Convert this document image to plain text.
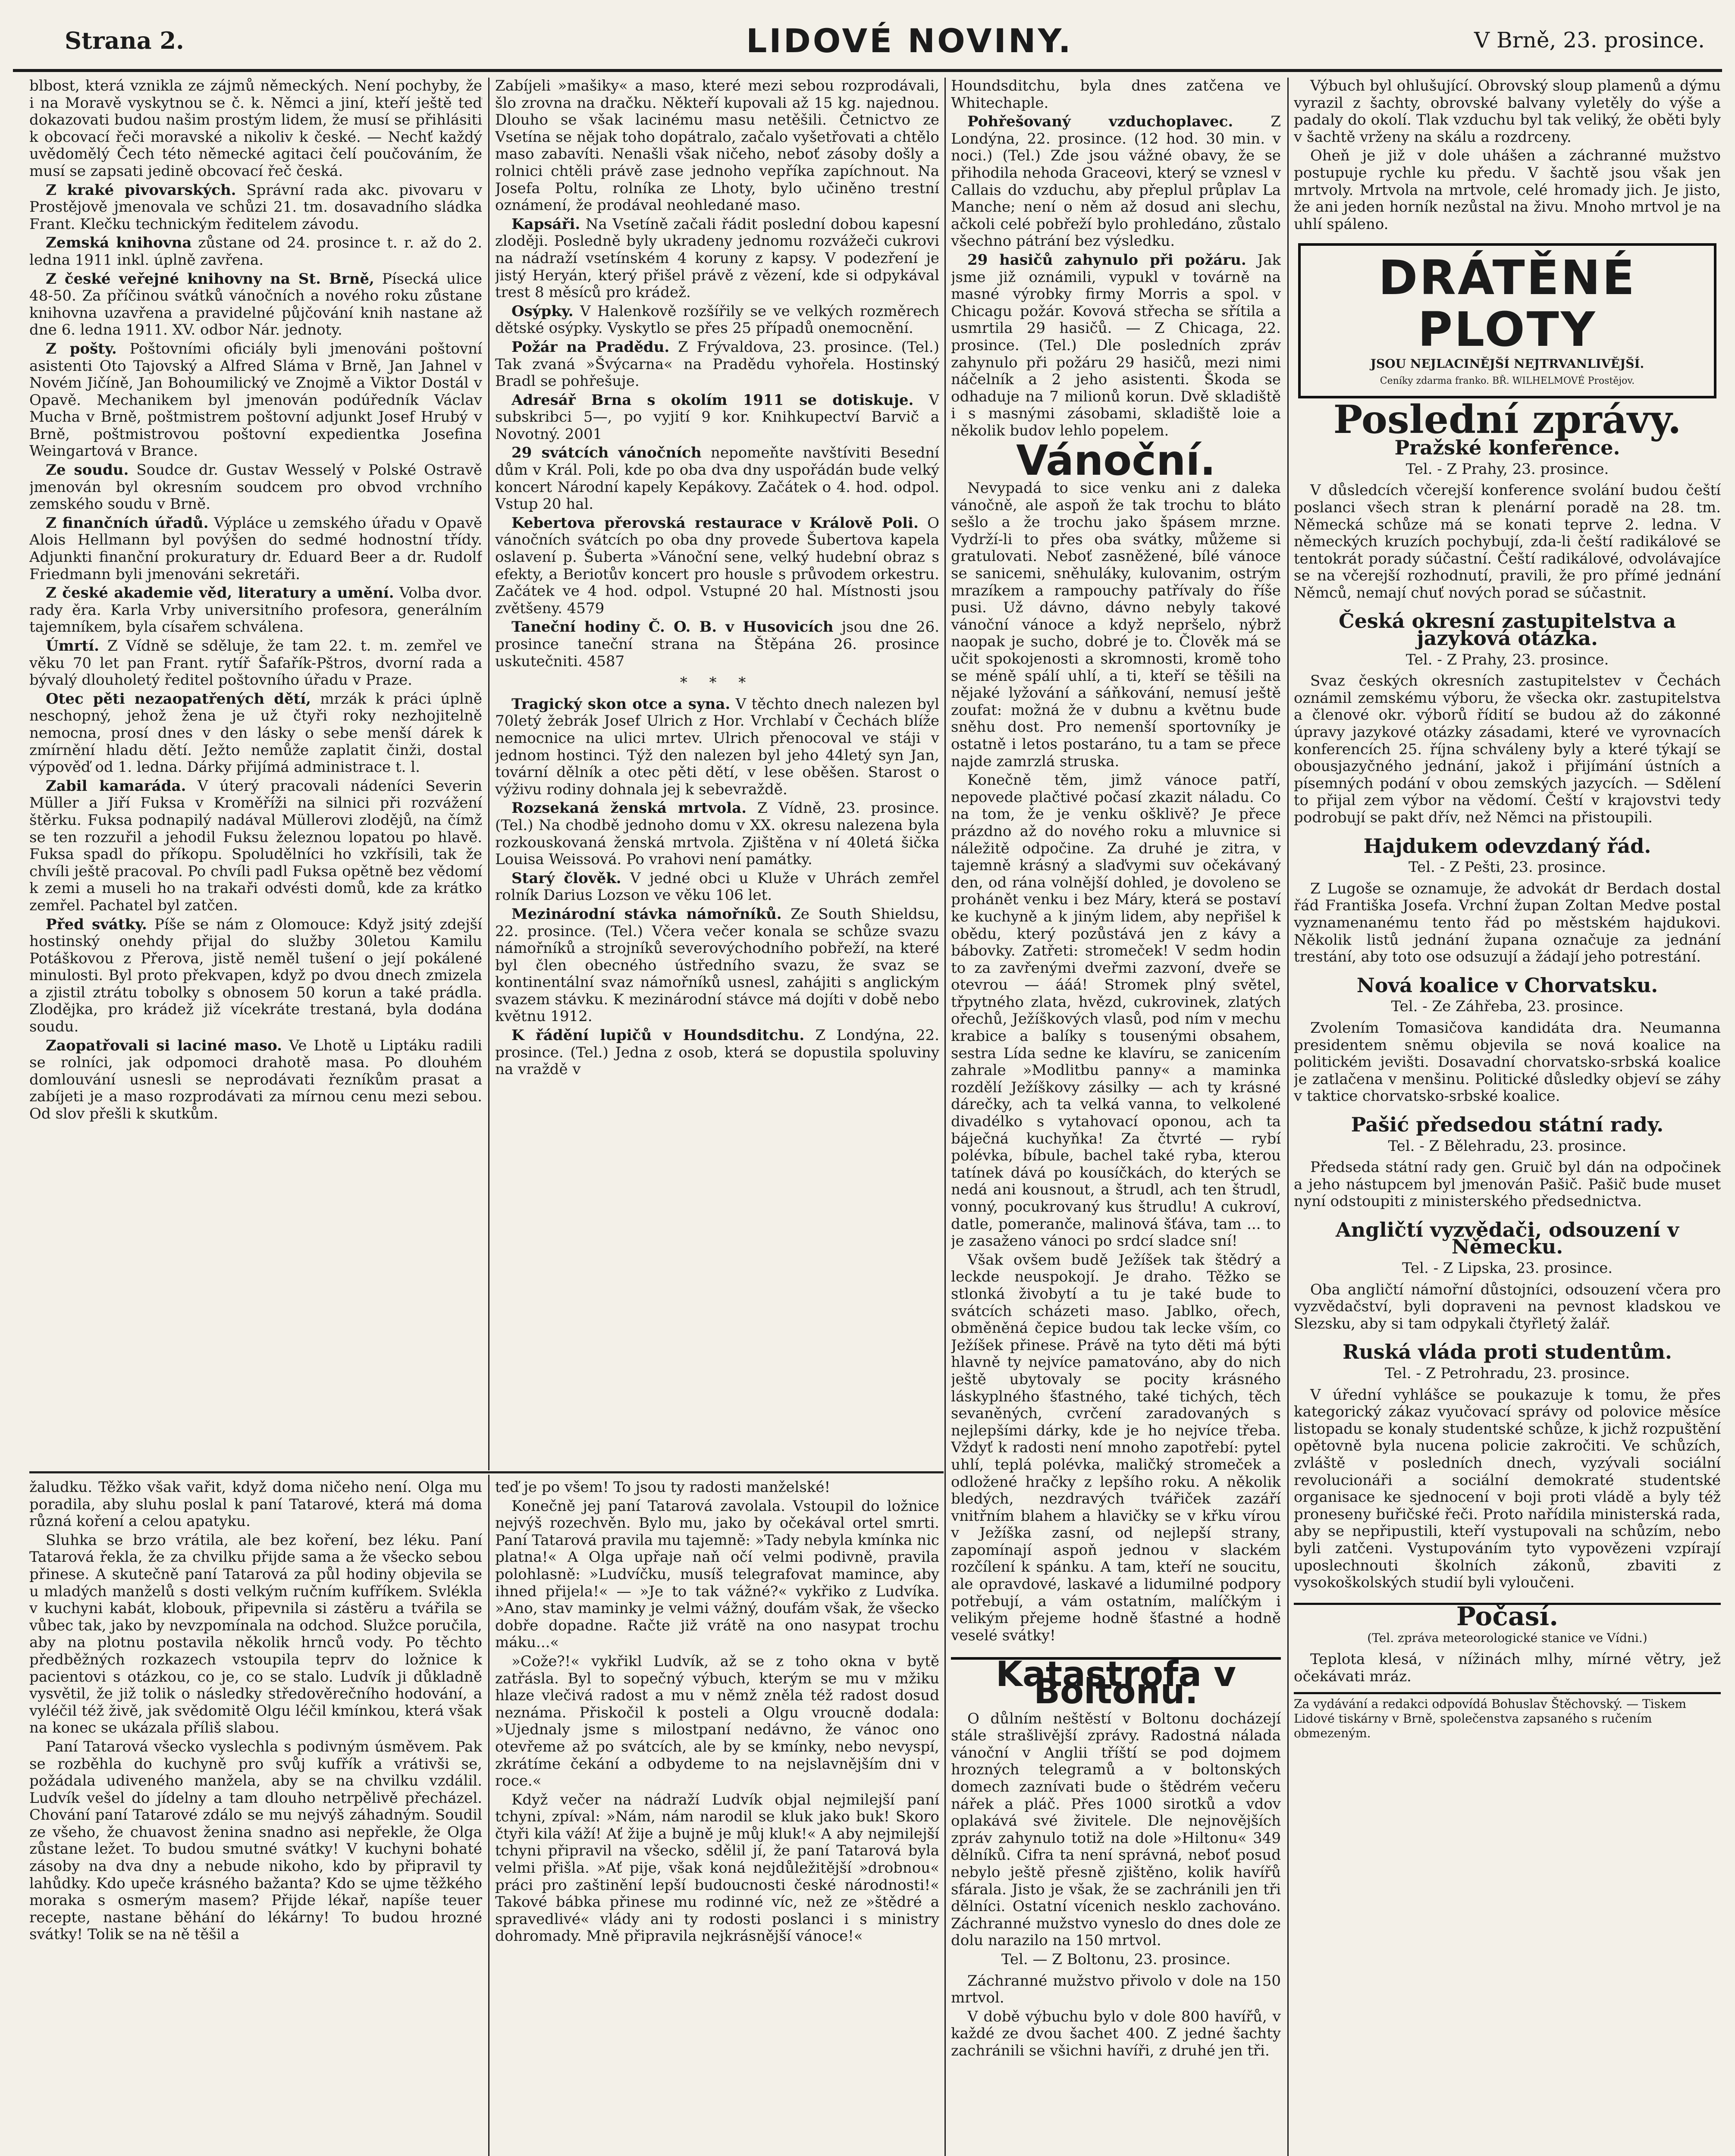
Strana 2.	LIDOVÉ NOVINY.	V Brně, 23. prosince.

blbost, která vznikla ze zájmů německých. Není pochyby, že i na Moravě vyskytnou se č. k. Němci a jiní, kteří ještě teď dokazovati budou našim prostým lidem, že musí se přihlásiti k obcovací řeči moravské a nikoliv k české. — Nechť každý uvědomělý Čech této německé agitaci čelí poučováním, že musí se zapsati jedině obcovací řeč česká.

Z kraké pivovarských. Správní rada akc. pivovaru v Prostějově jmenovala ve schůzi 21. tm. dosavadního sládka Frant. Klečku technickým ředitelem závodu.

Zemská knihovna zůstane od 24. prosince t. r. až do 2. ledna 1911 inkl. úplně zavřena.

Z české veřejné knihovny na St. Brně, Písecká ulice 48-50. Za příčinou svátků vánočních a nového roku zůstane knihovna uzavřena a pravidelné půjčování knih nastane až dne 6. ledna 1911. XV. odbor Nár. jednoty.

Z pošty. Poštovními oficiály byli jmenováni poštovní asistenti Oto Tajovský a Alfred Sláma v Brně, Jan Jahnel v Novém Jičíně, Jan Bohoumilický ve Znojmě a Viktor Dostál v Opavě. Mechanikem byl jmenován podúředník Václav Mucha v Brně, poštmistrem poštovní adjunkt Josef Hrubý v Brně, poštmistrovou poštovní expedientka Josefina Weingartová v Brance.

Ze soudu. Soudce dr. Gustav Wesselý v Polské Ostravě jmenován byl okresním soudcem pro obvod vrchního zemského soudu v Brně.

Z finančních úřadů. Výpláce u zemského úřadu v Opavě Alois Hellmann byl povýšen do sedmé hodnostní třídy. Adjunkti finanční prokuratury dr. Eduard Beer a dr. Rudolf Friedmann byli jmenováni sekretáři.

Z české akademie věd, literatury a umění. Volba dvor. rady ěra. Karla Vrby universitního profesora, generálním tajemníkem, byla císařem schválena.

Úmrtí. Z Vídně se sděluje, že tam 22. t. m. zemřel ve věku 70 let pan Frant. rytíř Šafařík-Pštros, dvorní rada a bývalý dlouholetý ředitel poštovního úřadu v Praze.

Otec pěti nezaopatřených dětí, mrzák k práci úplně neschopný, jehož žena je už čtyři roky nezhojitelně nemocna, prosí dnes v den lásky o sebe menší dárek k zmírnění hladu dětí. Ježto nemůže zaplatit činži, dostal výpověď od 1. ledna. Dárky přijímá administrace t. l.

Zabil kamaráda. V úterý pracovali nádeníci Severin Müller a Jiří Fuksa v Kroměříži na silnici při rozvážení štěrku. Fuksa podnapilý nadával Müllerovi zlodějů, na čímž se ten rozzuřil a jehodil Fuksu železnou lopatou po hlavě. Fuksa spadl do příkopu. Spoludělníci ho vzkřísili, tak že chvíli ještě pracoval. Po chvíli padl Fuksa opětně bez vědomí k zemi a museli ho na trakaři odvésti domů, kde za krátko zemřel. Pachatel byl zatčen.

Před svátky. Píše se nám z Olomouce: Když jsitý zdejší hostinský onehdy přijal do služby 30letou Kamilu Potáškovou z Přerova, jistě neměl tušení o její pokálené minulosti. Byl proto překvapen, když po dvou dnech zmizela a zjistil ztrátu tobolky s obnosem 50 korun a také prádla. Zlodějka, pro krádež již vícekráte trestaná, byla dodána soudu.

Zaopatřovali si laciné maso. Ve Lhotě u Liptáku radili se rolníci, jak odpomoci drahotě masa. Po dlouhém domlouvání usnesli se neprodávati řezníkům prasat a zabíjeti je a maso rozprodávati za mírnou cenu mezi sebou. Od slov přešli k skutkům.

Zabíjeli »mašiky« a maso, které mezi sebou rozprodávali, šlo zrovna na dračku. Někteří kupovali až 15 kg. najednou. Dlouho se však lacinému masu netěšili. Četnictvo ze Vsetína se nějak toho dopátralo, začalo vyšetřovati a chtělo maso zabavíti. Nenašli však ničeho, neboť zásoby došly a rolnici chtěli právě zase jednoho vepříka zapíchnout. Na Josefa Poltu, rolníka ze Lhoty, bylo učiněno trestní oznámení, že prodával neohledané maso.

Kapsáři. Na Vsetíně začali řádit poslední dobou kapesní zloději. Posledně byly ukradeny jednomu rozvážeči cukrovi na nádraží vsetínském 4 koruny z kapsy. V podezření je jistý Heryán, který přišel právě z vězení, kde si odpykával trest 8 měsíců pro krádež.

Osýpky. V Halenkově rozšířily se ve velkých rozměrech dětské osýpky. Vyskytlo se přes 25 případů onemocnění.

Požár na Pradědu. Z Frývaldova, 23. prosince. (Tel.) Tak zvaná »Švýcarna« na Pradědu vyhořela. Hostinský Bradl se pohřešuje.

Adresář Brna s okolím 1911 se dotiskuje. V subskribci 5—, po vyjití 9 kor. Knihkupectví Barvič a Novotný. 2001

29 svátcích vánočních nepomeňte navštíviti Besední dům v Král. Poli, kde po oba dva dny uspořádán bude velký koncert Národní kapely Kepákovy. Začátek o 4. hod. odpol. Vstup 20 hal.

Kebertova přerovská restaurace v Králově Poli. O vánočních svátcích po oba dny provede Šubertova kapela oslavení p. Šuberta »Vánoční sene, velký hudební obraz s efekty, a Beriotův koncert pro housle s průvodem orkestru. Začátek ve 4 hod. odpol. Vstupné 20 hal. Místnosti jsou zvětšeny. 4579

Taneční hodiny Č. O. B. v Husovicích jsou dne 26. prosince taneční strana na Štěpána 26. prosince uskutečniti. 4587

* * *

Tragický skon otce a syna. V těchto dnech nalezen byl 70letý žebrák Josef Ulrich z Hor. Vrchlabí v Čechách blíže nemocnice na ulici mrtev. Ulrich přenocoval ve stáji v jednom hostinci. Týž den nalezen byl jeho 44letý syn Jan, tovární dělník a otec pěti dětí, v lese oběšen. Starost o výživu rodiny dohnala jej k sebevraždě.

Rozsekaná ženská mrtvola. Z Vídně, 23. prosince. (Tel.) Na chodbě jednoho domu v XX. okresu nalezena byla rozkouskovaná ženská mrtvola. Zjištěna v ní 40letá šička Louisa Weissová. Po vrahovi není památky.

Starý člověk. V jedné obci u Kluže v Uhrách zemřel rolník Darius Lozson ve věku 106 let.

Mezinárodní stávka námořníků. Ze South Shieldsu, 22. prosince. (Tel.) Včera večer konala se schůze svazu námořníků a strojníků severovýchodního pobřeží, na které byl člen obecného ústředního svazu, že svaz se kontinentální svaz námořníků usnesl, zahájiti s anglickým svazem stávku. K mezinárodní stávce má dojíti v době nebo květnu 1912.

K řádění lupičů v Houndsditchu. Z Londýna, 22. prosince. (Tel.) Jedna z osob, která se dopustila spoluviny na vraždě v

žaludku. Těžko však vařit, když doma ničeho není. Olga mu poradila, aby sluhu poslal k paní Tatarové, která má doma různá koření a celou apatyku.

Sluhka se brzo vrátila, ale bez koření, bez léku. Paní Tatarová řekla, že za chvilku přijde sama a že všecko sebou přinese. A skutečně paní Tatarová za půl hodiny objevila se u mladých manželů s dosti velkým ručním kufříkem. Svlékla v kuchyni kabát, klobouk, připevnila si zástěru a tvářila se vůbec tak, jako by nevzpomínala na odchod. Služce poručila, aby na plotnu postavila několik hrnců vody. Po těchto předběžných rozkazech vstoupila teprv do ložnice k pacientovi s otázkou, co je, co se stalo. Ludvík ji důkladně vysvětil, že již tolik o následky středověrečního hodování, a vyléčil též živě, jak svědomitě Olgu léčil kmínkou, která však na konec se ukázala příliš slabou.

Paní Tatarová všecko vyslechla s podivným úsměvem. Pak se rozběhla do kuchyně pro svůj kufřík a vrátivši se, požádala udiveného manžela, aby se na chvilku vzdálil. Ludvík vešel do jídelny a tam dlouho netrpělivě přecházel. Chování paní Tatarové zdálo se mu nejvýš záhadným. Soudil ze všeho, že chuavost ženina snadno asi nepřekle, že Olga zůstane ležet. To budou smutné svátky! V kuchyni bohaté zásoby na dva dny a nebude nikoho, kdo by připravil ty lahůdky. Kdo upeče krásného bažanta? Kdo se ujme těžkého moraka s osmerým masem? Přijde lékař, napíše teuer recepte, nastane běhání do lékárny! To budou hrozné svátky! Tolik se na ně těšil a

teď je po všem! To jsou ty radosti manželské!

Konečně jej paní Tatarová zavolala. Vstoupil do ložnice nejvýš rozechvěn. Bylo mu, jako by očekával ortel smrti. Paní Tatarová pravila mu tajemně: »Tady nebyla kmínka nic platna!« A Olga upřaje naň očí velmi podivně, pravila polohlasně: »Ludvíčku, musíš telegrafovat mamince, aby ihned přijela!« — »Je to tak vážné?« vykřiko z Ludvíka. »Ano, stav maminky je velmi vážný, doufám však, že všecko dobře dopadne. Račte již vrátě na ono nasypat trochu máku...«

»Cože?!« vykřikl Ludvík, až se z toho okna v bytě zatřásla. Byl to sopečný výbuch, kterým se mu v mžiku hlaze vlečivá radost a mu v němž zněla též radost dosud neznáma. Přiskočil k posteli a Olgu vroucně dodala: »Ujednaly jsme s milostpaní nedávno, že vánoc ono otevřeme až po svátcích, ale by se kmínky, nebo nevyspí, zkrátíme čekání a odbydeme to na nejslavnějším dni v roce.«

Když večer na nádraží Ludvík objal nejmilejší paní tchyni, zpíval: »Nám, nám narodil se kluk jako buk! Skoro čtyři kila váží! Ať žije a bujně je můj kluk!« A aby nejmilejší tchyni připravil na všecko, sdělil jí, že paní Tatarová byla velmi přišla. »Ať pije, však koná nejdůležitější »drobnou« práci pro zaštinění lepší budoucnosti české národnosti!« Takové bábka přinese mu rodinné víc, než ze »štědré a spravedlivé« vlády ani ty rodosti poslanci i s ministry dohromady. Mně připravila nejkrásnější vánoce!«

Houndsditchu, byla dnes zatčena ve Whitechaple.

Pohřešovaný vzduchoplavec.	Z Londýna, 22. prosince. (12 hod. 30 min. v noci.) (Tel.) Zde jsou vážné obavy, že se přihodila nehoda Graceovi, který se vznesl v Callais do vzduchu, aby přeplul průplav La Manche; není o něm až dosud ani slechu, ačkoli celé pobřeží bylo prohledáno, zůstalo všechno pátrání bez výsledku.

29 hasičů zahynulo při požáru. Jak jsme již oznámili, vypukl v továrně na masné výrobky firmy Morris a spol. v Chicagu požár. Kovová střecha se sřítila a usmrtila 29 hasičů. — Z Chicaga, 22. prosince. (Tel.) Dle posledních zpráv zahynulo při požáru 29 hasičů, mezi nimi náčelník a 2 jeho asistenti. Škoda se odhaduje na 7 milionů korun. Dvě skladiště i s masnými zásobami, skladiště loie a několik budov lehlo popelem.

Vánoční.

Nevypadá to sice venku ani z daleka vánočně, ale aspoň že tak trochu to bláto sešlo a že trochu jako špásem mrzne. Vydrží-li to přes oba svátky, můžeme si gratulovati. Neboť zasněžené, bílé vánoce se sanicemi, sněhuláky, kulovanim, ostrým mrazíkem a rampouchy patřívaly do říše pusi. Už dávno, dávno nebyly takové vánoční vánoce a když nepršelo, nýbrž naopak je sucho, dobré je to. Člověk má se učit spokojenosti a skromnosti, kromě toho se méně spálí uhlí, a ti, kteří se těšili na nějaké lyžování a sáňkování, nemusí ještě zoufat: možná že v dubnu a květnu bude sněhu dost. Pro nemenší sportovníky je ostatně i letos postaráno, tu a tam se přece najde zamrzlá struska.

Konečně těm, jimž vánoce patří, nepovede plačtivé počasí zkazit náladu. Co na tom, že je venku ošklivě? Je přece prázdno až do nového roku a mluvnice si náležitě odpočine. Za druhé je zitra, v tajemně krásný a slaďvymi suv očekávaný den, od rána volnější dohled, je dovoleno se prohánět venku i bez Máry, která se postaví ke kuchyně a k jiným lidem, aby nepřišel k obědu, který pozůstává jen z kávy a bábovky. Zatřeti: stromeček! V sedm hodin to za zavřenými dveřmi zazvoní, dveře se otevrou — ááá! Stromek plný světel, třpytného zlata, hvězd, cukrovinek, zlatých ořechů, Ježíškových vlasů, pod ním v mechu krabice a balíky s tousenými obsahem, sestra Lída sedne ke klavíru, se zanicením zahrale »Modlitbu panny« a maminka rozdělí Ježíškovy zásilky — ach ty krásné dárečky, ach ta velká vanna, to velkolené divadélko s vytahovací oponou, ach ta báječná kuchyňka! Za čtvrté — rybí polévka, bíbule, bachel také ryba, kterou tatínek dává po kousíčkách, do kterých se nedá ani kousnout, a štrudl, ach ten štrudl, vonný, pocukrovaný kus štrudlu! A cukroví, datle, pomeranče, malinová šťáva, tam ... to je zasaženo vánoci po srdcí sladce sní!

Však ovšem budě Ježíšek tak štědrý a leckde neuspokojí. Je draho. Těžko se stlonká živobytí a tu je také bude to svátcích scházeti maso. Jablko, ořech, obměněná čepice budou tak lecke vším, co Ježíšek přinese. Právě na tyto děti má býti hlavně ty nejvíce pamatováno, aby do nich ještě ubytovaly se pocity krásného láskyplného šťastného, také tichých, těch sevaněných, cvrčení zaradovaných s nejlepšími dárky, kde je ho nejvíce třeba. Vždyť k radosti není mnoho zapotřebí: pytel uhlí, teplá polévka, maličký stromeček a odložené hračky z lepšího roku. A několik bledých, nezdravých tvářiček zazáří vnitřním blahem a hlavičky se v křku vírou v Ježíška zasní, od nejlepší strany, zapomínají aspoň jednou v slackém rozčílení k spánku. A tam, kteří ne soucitu, ale opravdové, laskavé a lidumilné podpory potřebují, a vám ostatním, malíčkým i velikým přejeme hodně šťastné a hodně veselé svátky!

Katastrofa v Boltonu.

O důlním neštěstí v Boltonu docházejí stále strašlivější zprávy. Radostná nálada vánoční v Anglii tříští se pod dojmem hrozných telegramů a v boltonských domech zaznívati bude o štědrém večeru nářek a pláč. Přes 1000 sirotků a vdov oplakává své živitele. Dle nejnovějších zpráv zahynulo totiž na dole »Hiltonu« 349 dělníků. Cifra ta není správná, neboť posud nebylo ještě přesně zjištěno, kolik havířů sfárala. Jisto je však, že se zachránili jen tři dělníci. Ostatní vícenich nesklo zachováno. Záchranné mužstvo vyneslo do dnes dole ze dolu narazilo na 150 mrtvol.

Tel. — Z Boltonu, 23. prosince.

Záchranné mužstvo přivolo v dole na 150 mrtvol.

V době výbuchu bylo v dole 800 havířů, v každé ze dvou šachet 400. Z jedné šachty zachránili se všichni havíři, z druhé jen tři.

Výbuch byl ohlušující. Obrovský sloup plamenů a dýmu vyrazil z šachty, obrovské balvany vyletěly do výše a padaly do okolí. Tlak vzduchu byl tak veliký, že oběti byly v šachtě vrženy na skálu a rozdrceny.

Oheň je již v dole uhášen a záchranné mužstvo postupuje rychle ku předu. V šachtě jsou však jen mrtvoly. Mrtvola na mrtvole, celé hromady jich. Je jisto, že ani jeden horník nezůstal na živu. Mnoho mrtvol je na uhlí spáleno.

DRÁTĚNÉ PLOTY
JSOU NEJLACINĚJŠÍ NEJTRVANLIVĚJŠÍ.
Ceníky zdarma franko. BŘ. WILHELMOVÉ Prostějov.
Poslední zprávy.
Pražské konference.
Tel. - Z Prahy, 23. prosince.

V důsledcích včerejší konference svolání budou čeští poslanci všech stran k plenární poradě na 28. tm. Německá schůze má se konati teprve 2. ledna. V německých kruzích pochybují, zda-li čeští radikálové se tentokrát porady súčastní. Čeští radikálové, odvolávajíce se na včerejší rozhodnutí, pravili, že pro přímé jednání Němců, nemají chuť nových porad se súčastnit.

Česká okresní zastupitelstva a jazyková otázka.
Tel. - Z Prahy, 23. prosince.

Svaz českých okresních zastupitelstev v Čechách oznámil zemskému výboru, že všecka okr. zastupitelstva a členové okr. výborů řídití se budou až do zákonné úpravy jazykové otázky zásadami, které ve vyrovnacích konferencích 25. října schváleny byly a které týkají se obousjazyčného jednání, jakož i přijímání ústních a písemných podání v obou zemských jazycích. — Sdělení to přijal zem výbor na vědomí. Čeští v krajovstvi tedy podrobují se pakt dřív, než Němci na přistoupili.

Hajdukem odevzdaný řád.
Tel. - Z Pešti, 23. prosince.

Z Lugoše se oznamuje, že advokát dr Berdach dostal řád Františka Josefa. Vrchní župan Zoltan Medve postal vyznamenanému tento řád po městském hajdukovi. Několik listů jednání župana označuje za jednání trestání, aby toto ose odsuzují a žádají jeho potrestání.

Nová koalice v Chorvatsku.
Tel. - Ze Záhřeba, 23. prosince.

Zvolením Tomasičova kandidáta dra. Neumanna presidentem sněmu objevila se nová koalice na politickém jevišti. Dosavadní chorvatsko-srbská koalice je zatlačena v menšinu. Politické důsledky objeví se záhy v taktice chorvatsko-srbské koalice.

Pašić předsedou státní rady.
Tel. - Z Bělehradu, 23. prosince.

Předseda státní rady gen. Gruič byl dán na odpočinek a jeho nástupcem byl jmenován Pašič. Pašič bude muset nyní odstoupiti z ministerského předsednictva.

Angličtí vyzvědači, odsouzení v Německu.
Tel. - Z Lipska, 23. prosince.

Oba angličtí námořní důstojníci, odsouzení včera pro vyzvědačství, byli dopraveni na pevnost kladskou ve Slezsku, aby si tam odpykali čtyřletý žalář.

Ruská vláda proti studentům.
Tel. - Z Petrohradu, 23. prosince.

V úřední vyhlášce se poukazuje k tomu, že přes kategorický zákaz vyučovací správy od polovice měsíce listopadu se konaly studentské schůze, k jichž rozpuštění opětovně byla nucena policie zakročiti. Ve schůzích, zvláště v posledních dnech, vyzývali sociální revolucionáři a sociální demokraté studentské organisace ke sjednocení v boji proti vládě a byly též proneseny buřičské řeči. Proto nařídila ministerská rada, aby se nepřipustili, kteří vystupovali na schůzím, nebo byli zatčeni. Vystupováním tyto vypovězeni vzpírají uposlechnouti školních zákonů, zbaviti z vysokoškolských studií byli vyloučeni.

Počasí.
(Tel. zpráva meteorologické stanice ve Vídni.)

Teplota klesá, v nížinách mlhy, mírné větry, jež očekávati mráz.

Za vydávání a redakci odpovídá Bohuslav Štěchovský. — Tiskem Lidové tiskárny v Brně, společenstva zapsaného s ručením obmezeným.
